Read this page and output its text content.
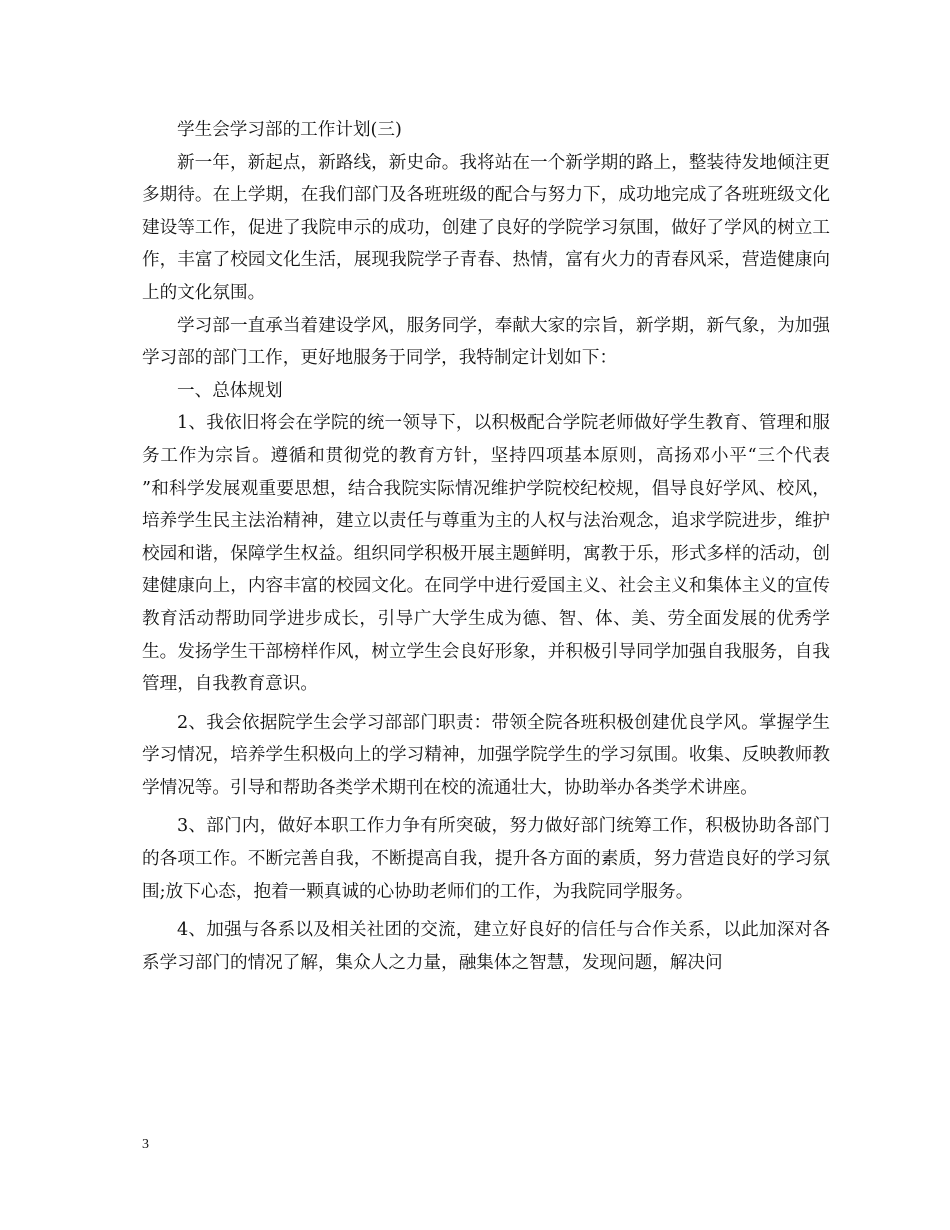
学生会学习部的工作计划(三)

新一年，新起点，新路线，新史命。我将站在一个新学期的路上，整装待发地倾注更多期待。在上学期，在我们部门及各班班级的配合与努力下，成功地完成了各班班级文化建设等工作，促进了我院申示的成功，创建了良好的学院学习氛围，做好了学风的树立工作，丰富了校园文化生活，展现我院学子青春、热情，富有火力的青春风采，营造健康向上的文化氛围。

学习部一直承当着建设学风，服务同学，奉献大家的宗旨，新学期，新气象，为加强学习部的部门工作，更好地服务于同学，我特制定计划如下：

一、总体规划

1、我依旧将会在学院的统一领导下，以积极配合学院老师做好学生教育、管理和服务工作为宗旨。遵循和贯彻党的教育方针，坚持四项基本原则，高扬邓小平“三个代表 ”和科学发展观重要思想，结合我院实际情况维护学院校纪校规，倡导良好学风、校风，培养学生民主法治精神，建立以责任与尊重为主的人权与法治观念，追求学院进步，维护校园和谐，保障学生权益。组织同学积极开展主题鲜明，寓教于乐，形式多样的活动，创建健康向上，内容丰富的校园文化。在同学中进行爱国主义、社会主义和集体主义的宣传教育活动帮助同学进步成长，引导广大学生成为德、智、体、美、劳全面发展的优秀学生。发扬学生干部榜样作风，树立学生会良好形象，并积极引导同学加强自我服务，自我管理，自我教育意识。

2、我会依据院学生会学习部部门职责：带领全院各班积极创建优良学风。掌握学生学习情况，培养学生积极向上的学习精神，加强学院学生的学习氛围。收集、反映教师教学情况等。引导和帮助各类学术期刊在校的流通壮大，协助举办各类学术讲座。

3、部门内，做好本职工作力争有所突破，努力做好部门统筹工作，积极协助各部门的各项工作。不断完善自我，不断提高自我，提升各方面的素质，努力营造良好的学习氛围;放下心态，抱着一颗真诚的心协助老师们的工作，为我院同学服务。

4、加强与各系以及相关社团的交流，建立好良好的信任与合作关系，以此加深对各系学习部门的情况了解，集众人之力量，融集体之智慧，发现问题，解决问

3
